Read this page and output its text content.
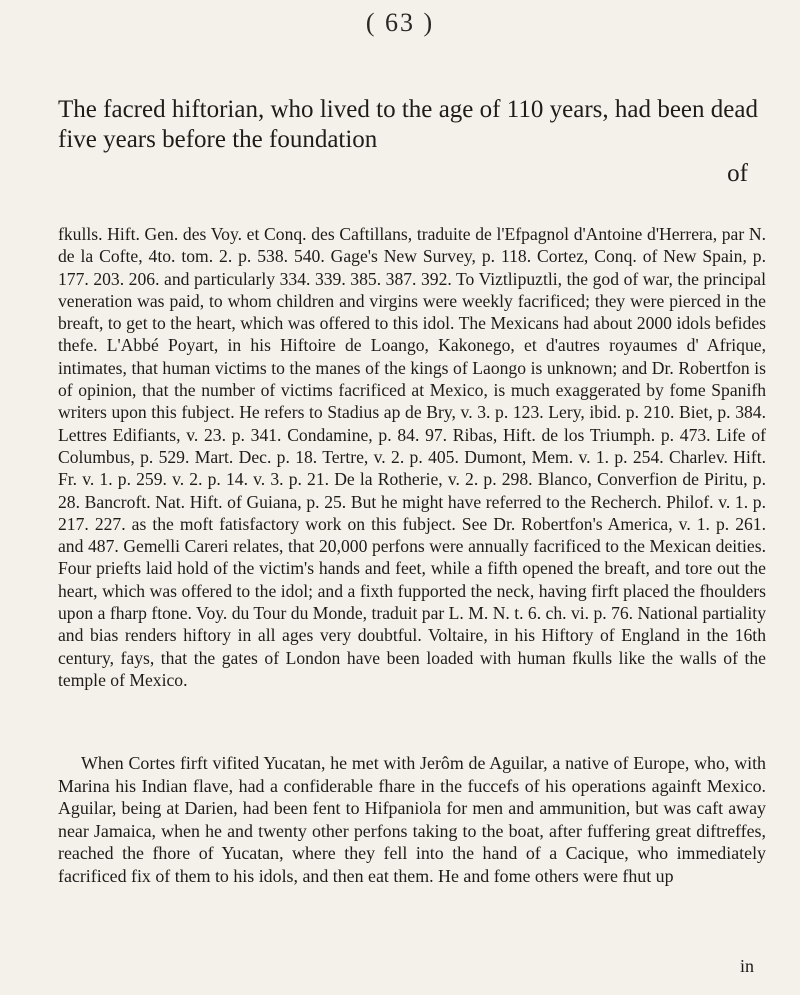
( 63 )
The facred hiftorian, who lived to the age of 110 years, had been dead five years before the foundation
of
fkulls. Hift. Gen. des Voy. et Conq. des Caftillans, traduite de l'Efpagnol d'Antoine d'Herrera, par N. de la Cofte, 4to. tom. 2. p. 538. 540. Gage's New Survey, p. 118. Cortez, Conq. of New Spain, p. 177. 203. 206. and particularly 334. 339. 385. 387. 392. To Viztlipuztli, the god of war, the principal veneration was paid, to whom children and virgins were weekly facrificed; they were pierced in the breaft, to get to the heart, which was offered to this idol. The Mexicans had about 2000 idols befides thefe. L'Abbé Poyart, in his Hiftoire de Loango, Kakonego, et d'autres royaumes d' Afrique, intimates, that human victims to the manes of the kings of Laongo is unknown; and Dr. Robertfon is of opinion, that the number of victims facrificed at Mexico, is much exaggerated by fome Spanifh writers upon this fubject. He refers to Stadius ap de Bry, v. 3. p. 123. Lery, ibid. p. 210. Biet, p. 384. Lettres Edifiants, v. 23. p. 341. Condamine, p. 84. 97. Ribas, Hift. de los Triumph. p. 473. Life of Columbus, p. 529. Mart. Dec. p. 18. Tertre, v. 2. p. 405. Dumont, Mem. v. 1. p. 254. Charlev. Hift. Fr. v. 1. p. 259. v. 2. p. 14. v. 3. p. 21. De la Rotherie, v. 2. p. 298. Blanco, Converfion de Piritu, p. 28. Bancroft. Nat. Hift. of Guiana, p. 25. But he might have referred to the Recherch. Philof. v. 1. p. 217. 227. as the moft fatisfactory work on this fubject. See Dr. Robertfon's America, v. 1. p. 261. and 487. Gemelli Careri relates, that 20,000 perfons were annually facrificed to the Mexican deities. Four priefts laid hold of the victim's hands and feet, while a fifth opened the breaft, and tore out the heart, which was offered to the idol; and a fixth fupported the neck, having firft placed the fhoulders upon a fharp ftone. Voy. du Tour du Monde, traduit par L. M. N. t. 6. ch. vi. p. 76. National partiality and bias renders hiftory in all ages very doubtful. Voltaire, in his Hiftory of England in the 16th century, fays, that the gates of London have been loaded with human fkulls like the walls of the temple of Mexico.
When Cortes firft vifited Yucatan, he met with Jerôm de Aguilar, a native of Europe, who, with Marina his Indian flave, had a confiderable fhare in the fuccefs of his operations againft Mexico. Aguilar, being at Darien, had been fent to Hifpaniola for men and ammunition, but was caft away near Jamaica, when he and twenty other perfons taking to the boat, after fuffering great diftreffes, reached the fhore of Yucatan, where they fell into the hand of a Cacique, who immediately facrificed fix of them to his idols, and then eat them. He and fome others were fhut up
in
